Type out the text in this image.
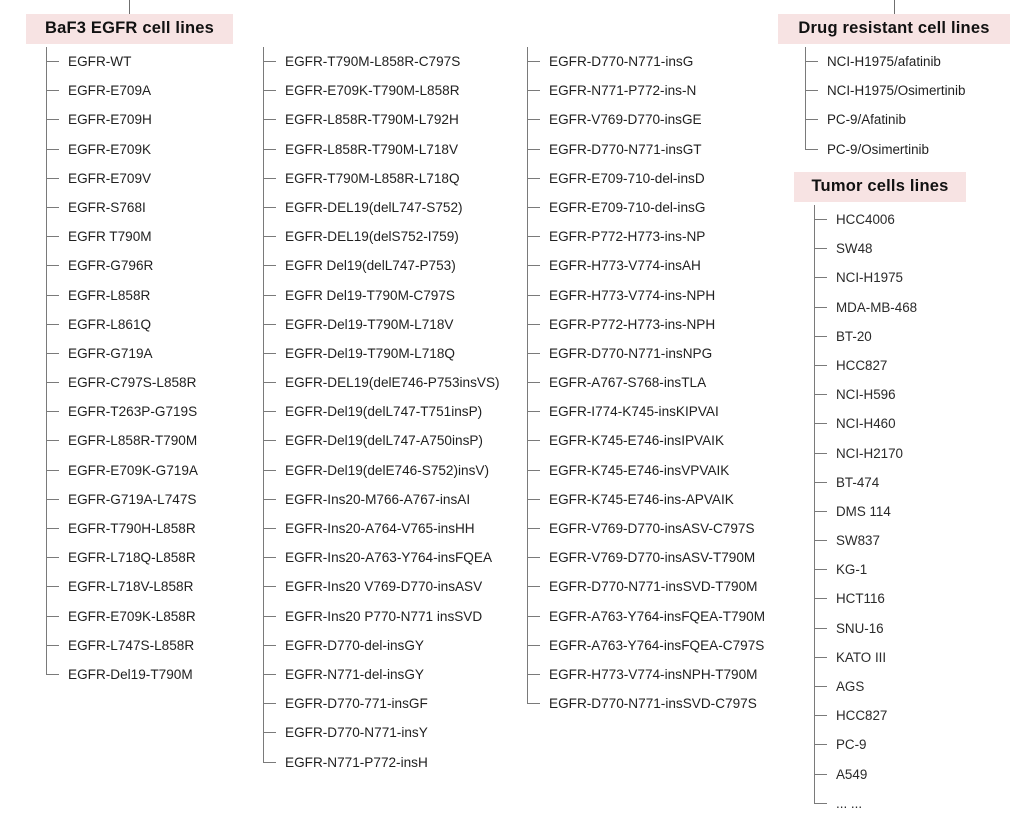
BaF3 EGFR cell lines	Drug resistant cell lines
Tumor cells lines
EGFR-WT
EGFR-E709A
EGFR-E709H
EGFR-E709K
EGFR-E709V
EGFR-S768I
EGFR T790M
EGFR-G796R
EGFR-L858R
EGFR-L861Q
EGFR-G719A
EGFR-C797S-L858R
EGFR-T263P-G719S
EGFR-L858R-T790M
EGFR-E709K-G719A
EGFR-G719A-L747S
EGFR-T790H-L858R
EGFR-L718Q-L858R
EGFR-L718V-L858R
EGFR-E709K-L858R
EGFR-L747S-L858R
EGFR-Del19-T790M
EGFR-T790M-L858R-C797S
EGFR-E709K-T790M-L858R
EGFR-L858R-T790M-L792H
EGFR-L858R-T790M-L718V
EGFR-T790M-L858R-L718Q
EGFR-DEL19(delL747-S752)
EGFR-DEL19(delS752-I759)
EGFR Del19(delL747-P753)
EGFR Del19-T790M-C797S
EGFR-Del19-T790M-L718V
EGFR-Del19-T790M-L718Q
EGFR-DEL19(delE746-P753insVS)
EGFR-Del19(delL747-T751insP)
EGFR-Del19(delL747-A750insP)
EGFR-Del19(delE746-S752)insV)
EGFR-Ins20-M766-A767-insAI
EGFR-Ins20-A764-V765-insHH
EGFR-Ins20-A763-Y764-insFQEA
EGFR-Ins20 V769-D770-insASV
EGFR-Ins20 P770-N771 insSVD
EGFR-D770-del-insGY
EGFR-N771-del-insGY
EGFR-D770-771-insGF
EGFR-D770-N771-insY
EGFR-N771-P772-insH
EGFR-D770-N771-insG
EGFR-N771-P772-ins-N
EGFR-V769-D770-insGE
EGFR-D770-N771-insGT
EGFR-E709-710-del-insD
EGFR-E709-710-del-insG
EGFR-P772-H773-ins-NP
EGFR-H773-V774-insAH
EGFR-H773-V774-ins-NPH
EGFR-P772-H773-ins-NPH
EGFR-D770-N771-insNPG
EGFR-A767-S768-insTLA
EGFR-I774-K745-insKIPVAI
EGFR-K745-E746-insIPVAIK
EGFR-K745-E746-insVPVAIK
EGFR-K745-E746-ins-APVAIK
EGFR-V769-D770-insASV-C797S
EGFR-V769-D770-insASV-T790M
EGFR-D770-N771-insSVD-T790M
EGFR-A763-Y764-insFQEA-T790M
EGFR-A763-Y764-insFQEA-C797S
EGFR-H773-V774-insNPH-T790M
EGFR-D770-N771-insSVD-C797S
NCI-H1975/afatinib
NCI-H1975/Osimertinib
PC-9/Afatinib
PC-9/Osimertinib
HCC4006
SW48
NCI-H1975
MDA-MB-468
BT-20
HCC827
NCI-H596
NCI-H460
NCI-H2170
BT-474
DMS 114
SW837
KG-1
HCT116
SNU-16
KATO III
AGS
HCC827
PC-9
A549
... ...
